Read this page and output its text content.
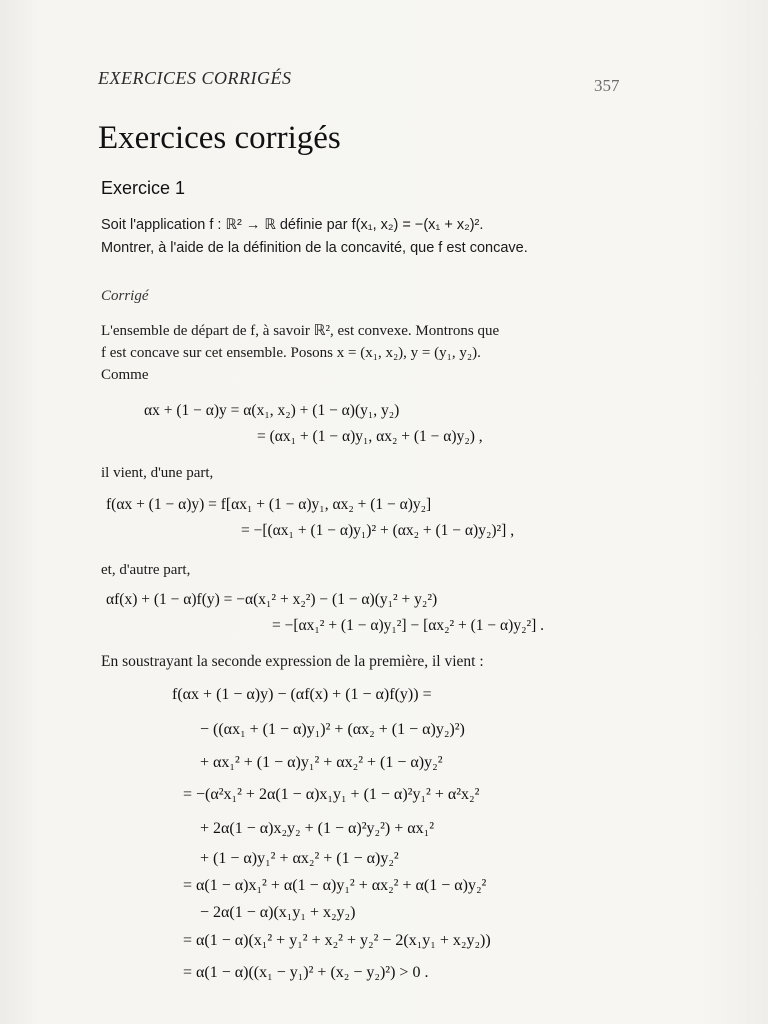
EXERCICES CORRIGÉS	357
Exercices corrigés
Exercice 1
Soit l'application f : ℝ² → ℝ définie par f(x₁, x₂) = −(x₁ + x₂)².
Montrer, à l'aide de la définition de la concavité, que f est concave.
Corrigé
L'ensemble de départ de f, à savoir ℝ², est convexe. Montrons que
f est concave sur cet ensemble. Posons x = (x₁, x₂), y = (y₁, y₂).
Comme
αx + (1 − α)y = α(x₁, x₂) + (1 − α)(y₁, y₂)
= (αx₁ + (1 − α)y₁, αx₂ + (1 − α)y₂) ,
il vient, d'une part,
f(αx + (1 − α)y) = f[αx₁ + (1 − α)y₁, αx₂ + (1 − α)y₂]
= −[(αx₁ + (1 − α)y₁)² + (αx₂ + (1 − α)y₂)²] ,
et, d'autre part,
αf(x) + (1 − α)f(y) = −α(x₁² + x₂²) − (1 − α)(y₁² + y₂²)
= −[αx₁² + (1 − α)y₁²] − [αx₂² + (1 − α)y₂²] .
En soustrayant la seconde expression de la première, il vient :
f(αx + (1 − α)y) − (αf(x) + (1 − α)f(y)) =
− ((αx₁ + (1 − α)y₁)² + (αx₂ + (1 − α)y₂)²)
+ αx₁² + (1 − α)y₁² + αx₂² + (1 − α)y₂²
= −(α²x₁² + 2α(1 − α)x₁y₁ + (1 − α)²y₁² + α²x₂²
+ 2α(1 − α)x₂y₂ + (1 − α)²y₂²) + αx₁²
+ (1 − α)y₁² + αx₂² + (1 − α)y₂²
= α(1 − α)x₁² + α(1 − α)y₁² + αx₂² + α(1 − α)y₂²
− 2α(1 − α)(x₁y₁ + x₂y₂)
= α(1 − α)(x₁² + y₁² + x₂² + y₂² − 2(x₁y₁ + x₂y₂))
= α(1 − α)((x₁ − y₁)² + (x₂ − y₂)²) > 0 .
